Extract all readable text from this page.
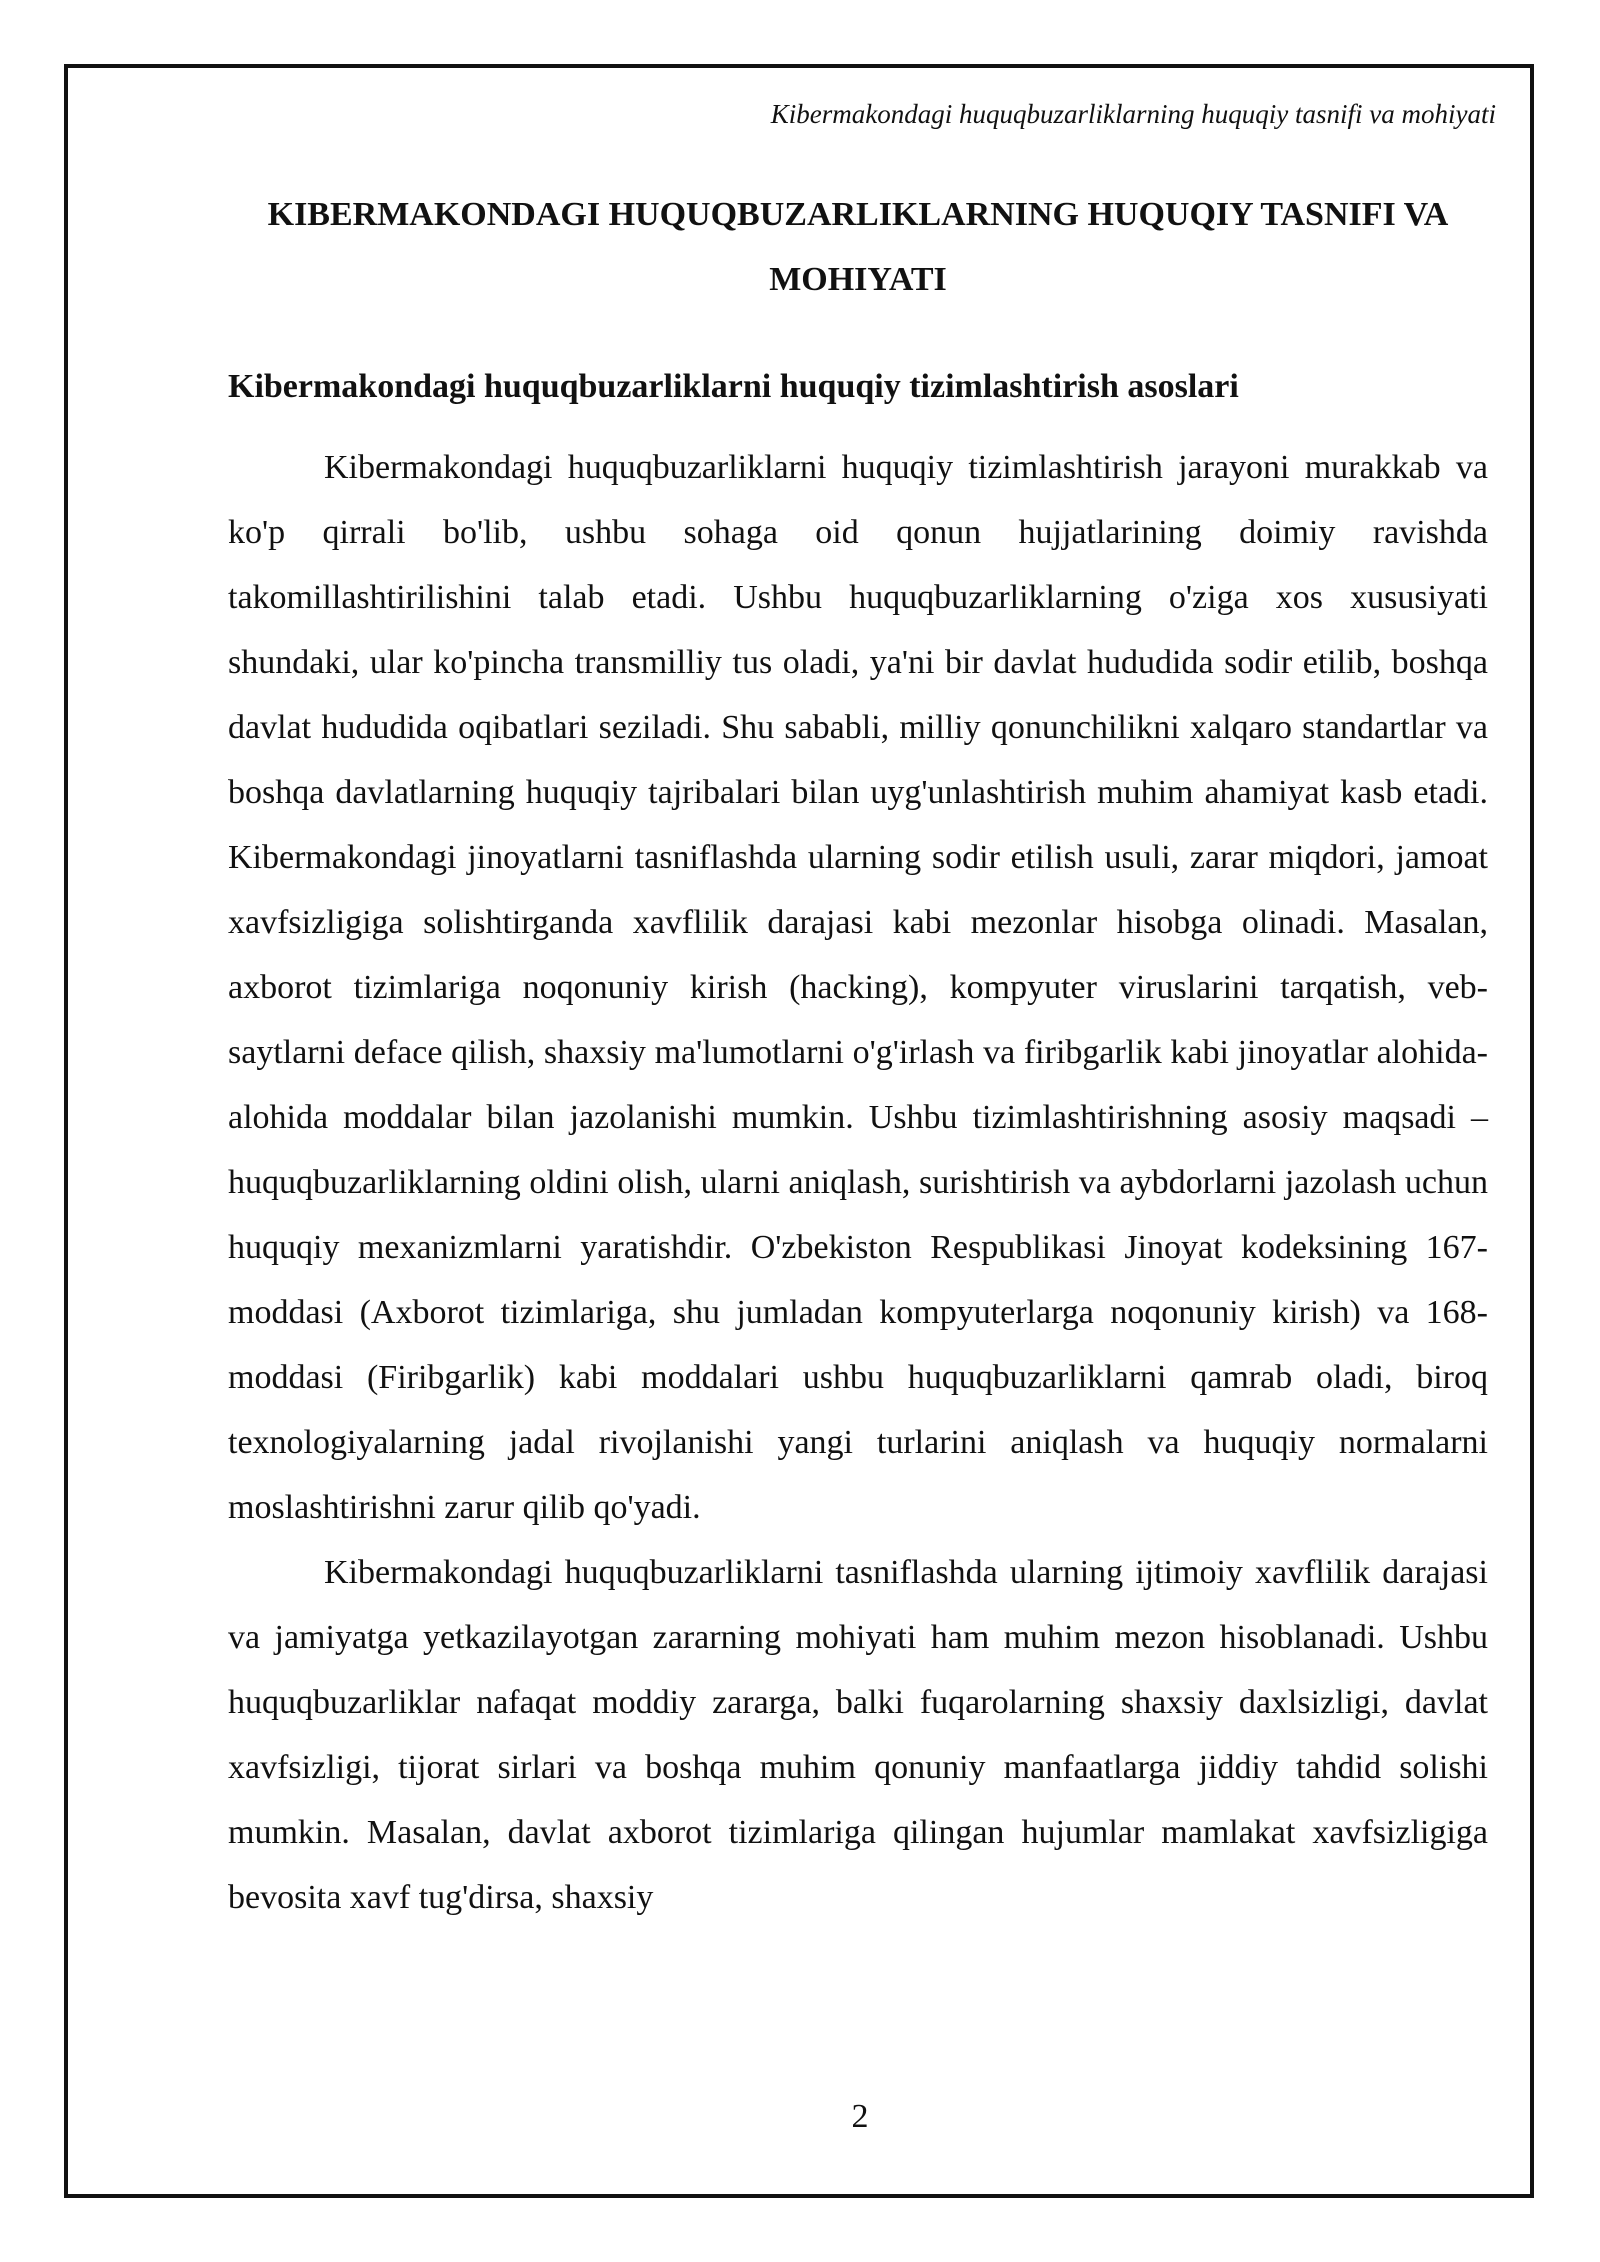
Kibermakondagi huquqbuzarliklarning huquqiy tasnifi va mohiyati
KIBERMAKONDAGI HUQUQBUZARLIKLARNING HUQUQIY TASNIFI VA MOHIYATI
Kibermakondagi huquqbuzarliklarni huquqiy tizimlashtirish asoslari

Kibermakondagi huquqbuzarliklarni huquqiy tizimlashtirish jarayoni murakkab va ko'p qirrali bo'lib, ushbu sohaga oid qonun hujjatlarining doimiy ravishda takomillashtirilishini talab etadi. Ushbu huquqbuzarliklarning o'ziga xos xususiyati shundaki, ular ko'pincha transmilliy tus oladi, ya'ni bir davlat hududida sodir etilib, boshqa davlat hududida oqibatlari seziladi. Shu sababli, milliy qonunchilikni xalqaro standartlar va boshqa davlatlarning huquqiy tajribalari bilan uyg'unlashtirish muhim ahamiyat kasb etadi. Kibermakondagi jinoyatlarni tasniflashda ularning sodir etilish usuli, zarar miqdori, jamoat xavfsizligiga solishtirganda xavflilik darajasi kabi mezonlar hisobga olinadi. Masalan, axborot tizimlariga noqonuniy kirish (hacking), kompyuter viruslarini tarqatish, veb-saytlarni deface qilish, shaxsiy ma'lumotlarni o'g'irlash va firibgarlik kabi jinoyatlar alohida-alohida moddalar bilan jazolanishi mumkin. Ushbu tizimlashtirishning asosiy maqsadi – huquqbuzarliklarning oldini olish, ularni aniqlash, surishtirish va aybdorlarni jazolash uchun huquqiy mexanizmlarni yaratishdir. O'zbekiston Respublikasi Jinoyat kodeksining 167-moddasi (Axborot tizimlariga, shu jumladan kompyuterlarga noqonuniy kirish) va 168-moddasi (Firibgarlik) kabi moddalari ushbu huquqbuzarliklarni qamrab oladi, biroq texnologiyalarning jadal rivojlanishi yangi turlarini aniqlash va huquqiy normalarni moslashtirishni zarur qilib qo'yadi.

Kibermakondagi huquqbuzarliklarni tasniflashda ularning ijtimoiy xavflilik darajasi va jamiyatga yetkazilayotgan zararning mohiyati ham muhim mezon hisoblanadi. Ushbu huquqbuzarliklar nafaqat moddiy zararga, balki fuqarolarning shaxsiy daxlsizligi, davlat xavfsizligi, tijorat sirlari va boshqa muhim qonuniy manfaatlarga jiddiy tahdid solishi mumkin. Masalan, davlat axborot tizimlariga qilingan hujumlar mamlakat xavfsizligiga bevosita xavf tug'dirsa, shaxsiy

2
